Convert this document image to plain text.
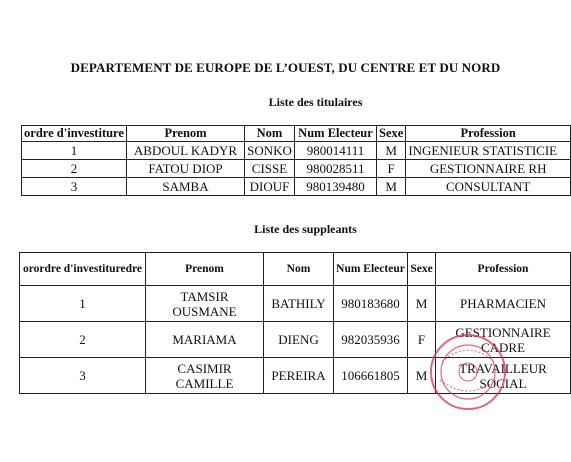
DEPARTEMENT DE EUROPE DE L’OUEST, DU CENTRE ET DU NORD
Liste des titulaires
ordre d'investiture	Prenom	Nom	Num Electeur	Sexe	Profession
1	ABDOUL KADYR	SONKO	980014111	M	INGENIEUR STATISTICIE
2	FATOU DIOP	CISSE	980028511	F	GESTIONNAIRE RH
3	SAMBA	DIOUF	980139480	M	CONSULTANT
Liste des suppleants
orordre d'investituredre	Prenom	Nom	Num Electeur	Sexe	Profession
1	TAMSIR OUSMANE	BATHILY	980183680	M	PHARMACIEN
2	MARIAMA	DIENG	982035936	F	GESTIONNAIRE CADRE
3	CASIMIR CAMILLE	PEREIRA	106661805	M	TRAVAILLEUR SOCIAL
